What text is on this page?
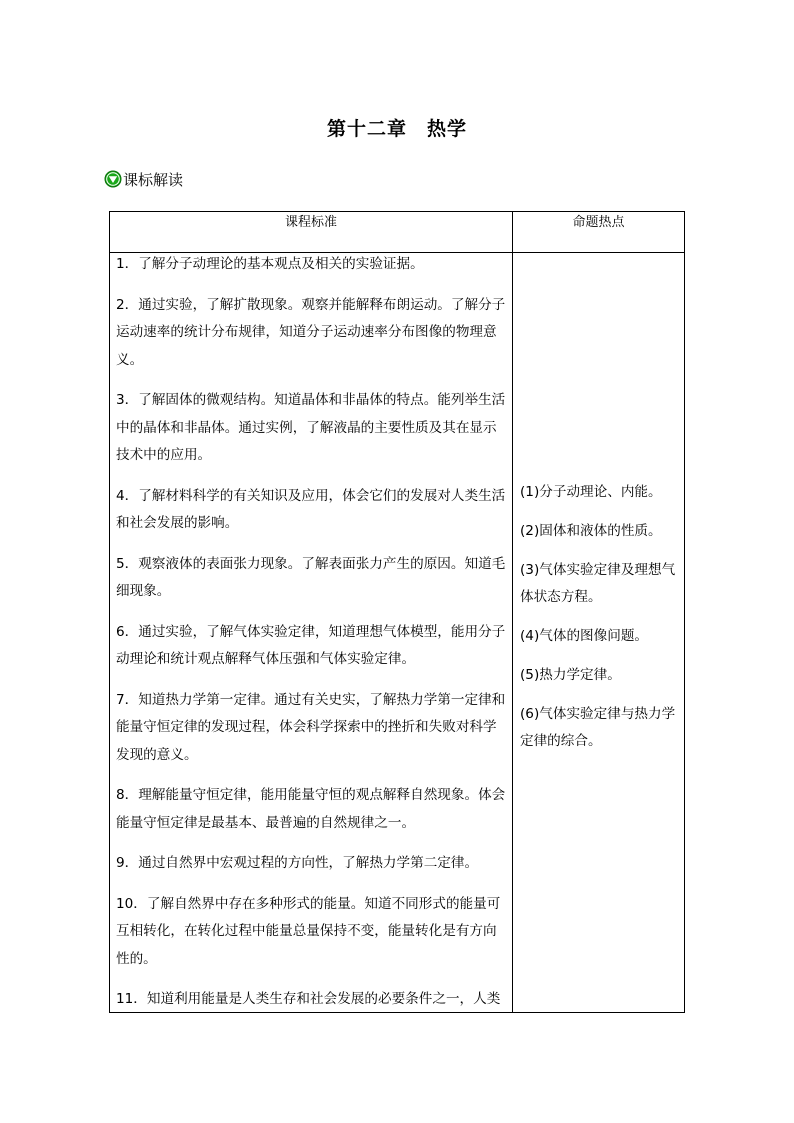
第十二章　热学
课标解读
课程标准	命题热点

1．了解分子动理论的基本观点及相关的实验证据。

2．通过实验，了解扩散现象。观察并能解释布朗运动。了解分子运动速率的统计分布规律，知道分子运动速率分布图像的物理意义。

3．了解固体的微观结构。知道晶体和非晶体的特点。能列举生活中的晶体和非晶体。通过实例，了解液晶的主要性质及其在显示技术中的应用。

4．了解材料科学的有关知识及应用，体会它们的发展对人类生活和社会发展的影响。

5．观察液体的表面张力现象。了解表面张力产生的原因。知道毛细现象。

6．通过实验，了解气体实验定律，知道理想气体模型，能用分子动理论和统计观点解释气体压强和气体实验定律。

7．知道热力学第一定律。通过有关史实，了解热力学第一定律和能量守恒定律的发现过程，体会科学探索中的挫折和失败对科学发现的意义。

8．理解能量守恒定律，能用能量守恒的观点解释自然现象。体会能量守恒定律是最基本、最普遍的自然规律之一。

9．通过自然界中宏观过程的方向性，了解热力学第二定律。

10．了解自然界中存在多种形式的能量。知道不同形式的能量可互相转化，在转化过程中能量总量保持不变，能量转化是有方向性的。

11．知道利用能量是人类生存和社会发展的必要条件之一，人类

(1)分子动理论、内能。

(2)固体和液体的性质。

(3)气体实验定律及理想气体状态方程。

(4)气体的图像问题。

(5)热力学定律。

(6)气体实验定律与热力学定律的综合。
